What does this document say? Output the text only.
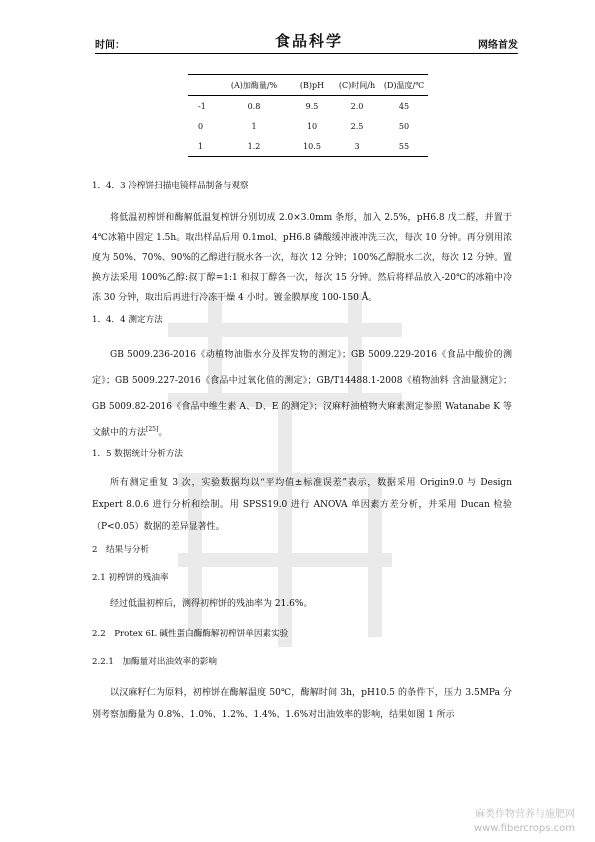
时间：	食品科学	网络首发
	(A)加酶量/%	(B)pH	(C)时间/h	(D)温度/℃
-1	0.8	9.5	2.0	45
0	1	10	2.5	50
1	1.2	10.5	3	55
1．4．3 冷榨饼扫描电镜样品制备与观察
将低温初榨饼和酶解低温复榨饼分别切成 2.0×3.0mm 条形，加入 2.5%，pH6.8 戊二醛，并置于 4℃冰箱中固定 1.5h。取出样品后用 0.1mol、pH6.8 磷酸缓冲液冲洗三次，每次 10 分钟。再分别用浓度为 50%、70%、90%的乙醇进行脱水各一次，每次 12 分钟；100%乙醇脱水二次，每次 12 分钟。置换方法采用 100%乙醇:叔丁醇=1:1 和叔丁醇各一次，每次 15 分钟。然后将样品放入-20℃的冰箱中冷冻 30 分钟，取出后再进行冷冻干燥 4 小时。镀金膜厚度 100-150 Å。
1．4．4 测定方法
GB 5009.236-2016《动植物油脂水分及挥发物的测定》；GB 5009.229-2016《食品中酸价的测定》；GB 5009.227-2016《食品中过氧化值的测定》；GB/T14488.1-2008《植物油料 含油量测定》；GB 5009.82-2016《食品中维生素 A、D、E 的测定》；汉麻籽油植物大麻素测定参照 Watanabe K 等文献中的方法[25]。
1．5 数据统计分析方法
所有测定重复 3 次，实验数据均以“平均值±标准误差”表示，数据采用 Origin9.0 与 Design Expert 8.0.6 进行分析和绘制。用 SPSS19.0 进行 ANOVA 单因素方差分析，并采用 Ducan 检验（P<0.05）数据的差异显著性。
2　结果与分析
2.1 初榨饼的残油率
经过低温初榨后，测得初榨饼的残油率为 21.6%。
2.2　Protex 6L 碱性蛋白酶酶解初榨饼单因素实验
2.2.1　加酶量对出油效率的影响
以汉麻籽仁为原料，初榨饼在酶解温度 50℃，酶解时间 3h，pH10.5 的条件下，压力 3.5MPa 分别考察加酶量为 0.8%、1.0%、1.2%、1.4%、1.6%对出油效率的影响，结果如图 1 所示
麻类作物营养与施肥网
www.fibercrops.com
